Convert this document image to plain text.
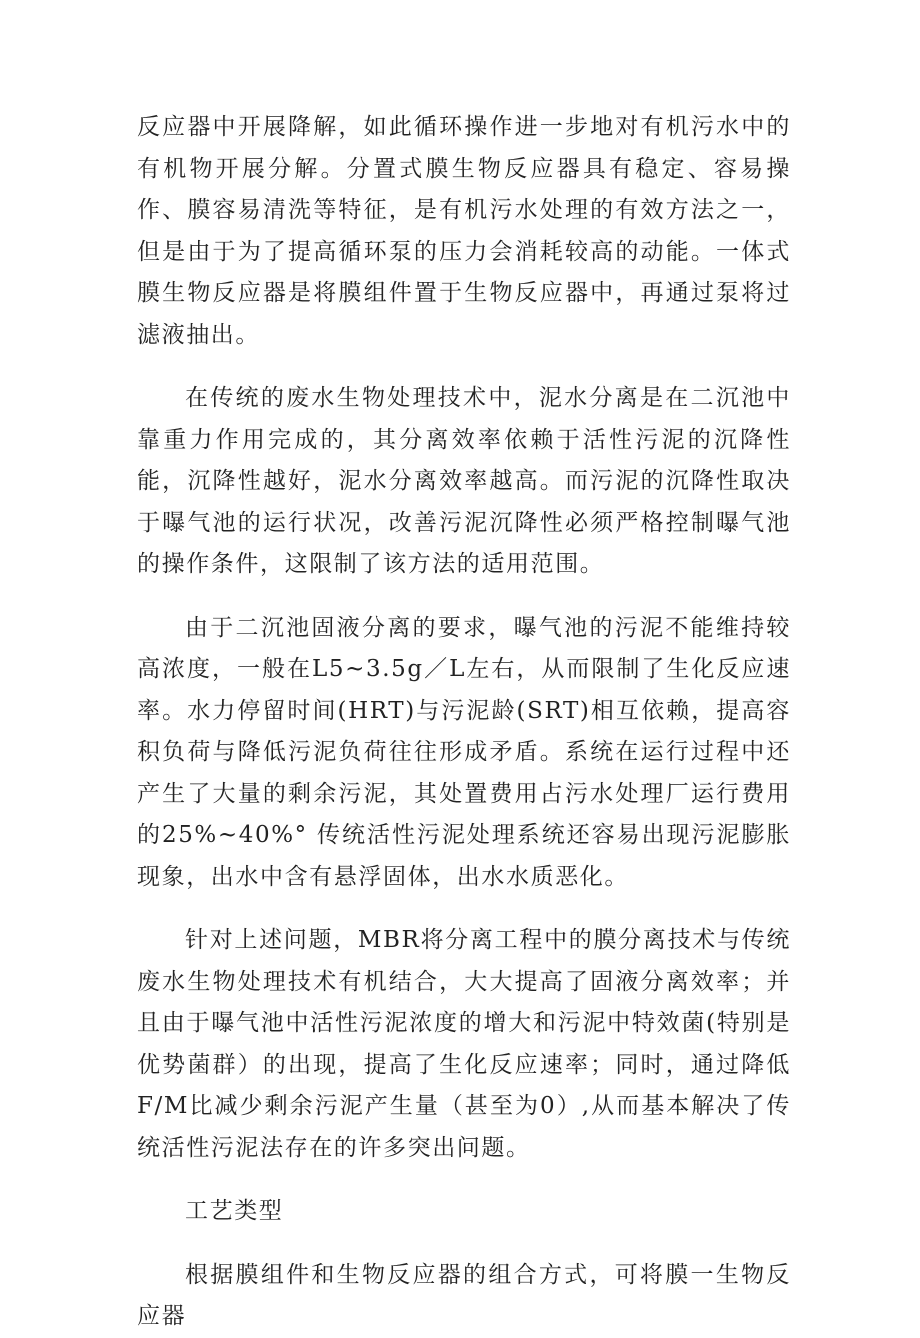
反应器中开展降解，如此循环操作进一步地对有机污水中的有机物开展分解。分置式膜生物反应器具有稳定、容易操作、膜容易清洗等特征，是有机污水处理的有效方法之一，但是由于为了提高循环泵的压力会消耗较高的动能。一体式膜生物反应器是将膜组件置于生物反应器中，再通过泵将过滤液抽出。

在传统的废水生物处理技术中，泥水分离是在二沉池中靠重力作用完成的，其分离效率依赖于活性污泥的沉降性能，沉降性越好，泥水分离效率越高。而污泥的沉降性取决于曝气池的运行状况，改善污泥沉降性必须严格控制曝气池的操作条件，这限制了该方法的适用范围。

由于二沉池固液分离的要求，曝气池的污泥不能维持较高浓度，一般在L5~3.5g／L左右，从而限制了生化反应速率。水力停留时间(HRT)与污泥龄(SRT)相互依赖，提高容积负荷与降低污泥负荷往往形成矛盾。系统在运行过程中还产生了大量的剩余污泥，其处置费用占污水处理厂运行费用的25%~40%° 传统活性污泥处理系统还容易出现污泥膨胀现象，出水中含有悬浮固体，出水水质恶化。

针对上述问题，MBR将分离工程中的膜分离技术与传统废水生物处理技术有机结合，大大提高了固液分离效率；并且由于曝气池中活性污泥浓度的增大和污泥中特效菌(特别是优势菌群）的出现，提高了生化反应速率；同时，通过降低F/M比减少剩余污泥产生量（甚至为0）,从而基本解决了传统活性污泥法存在的许多突出问题。

工艺类型

根据膜组件和生物反应器的组合方式，可将膜一生物反应器
